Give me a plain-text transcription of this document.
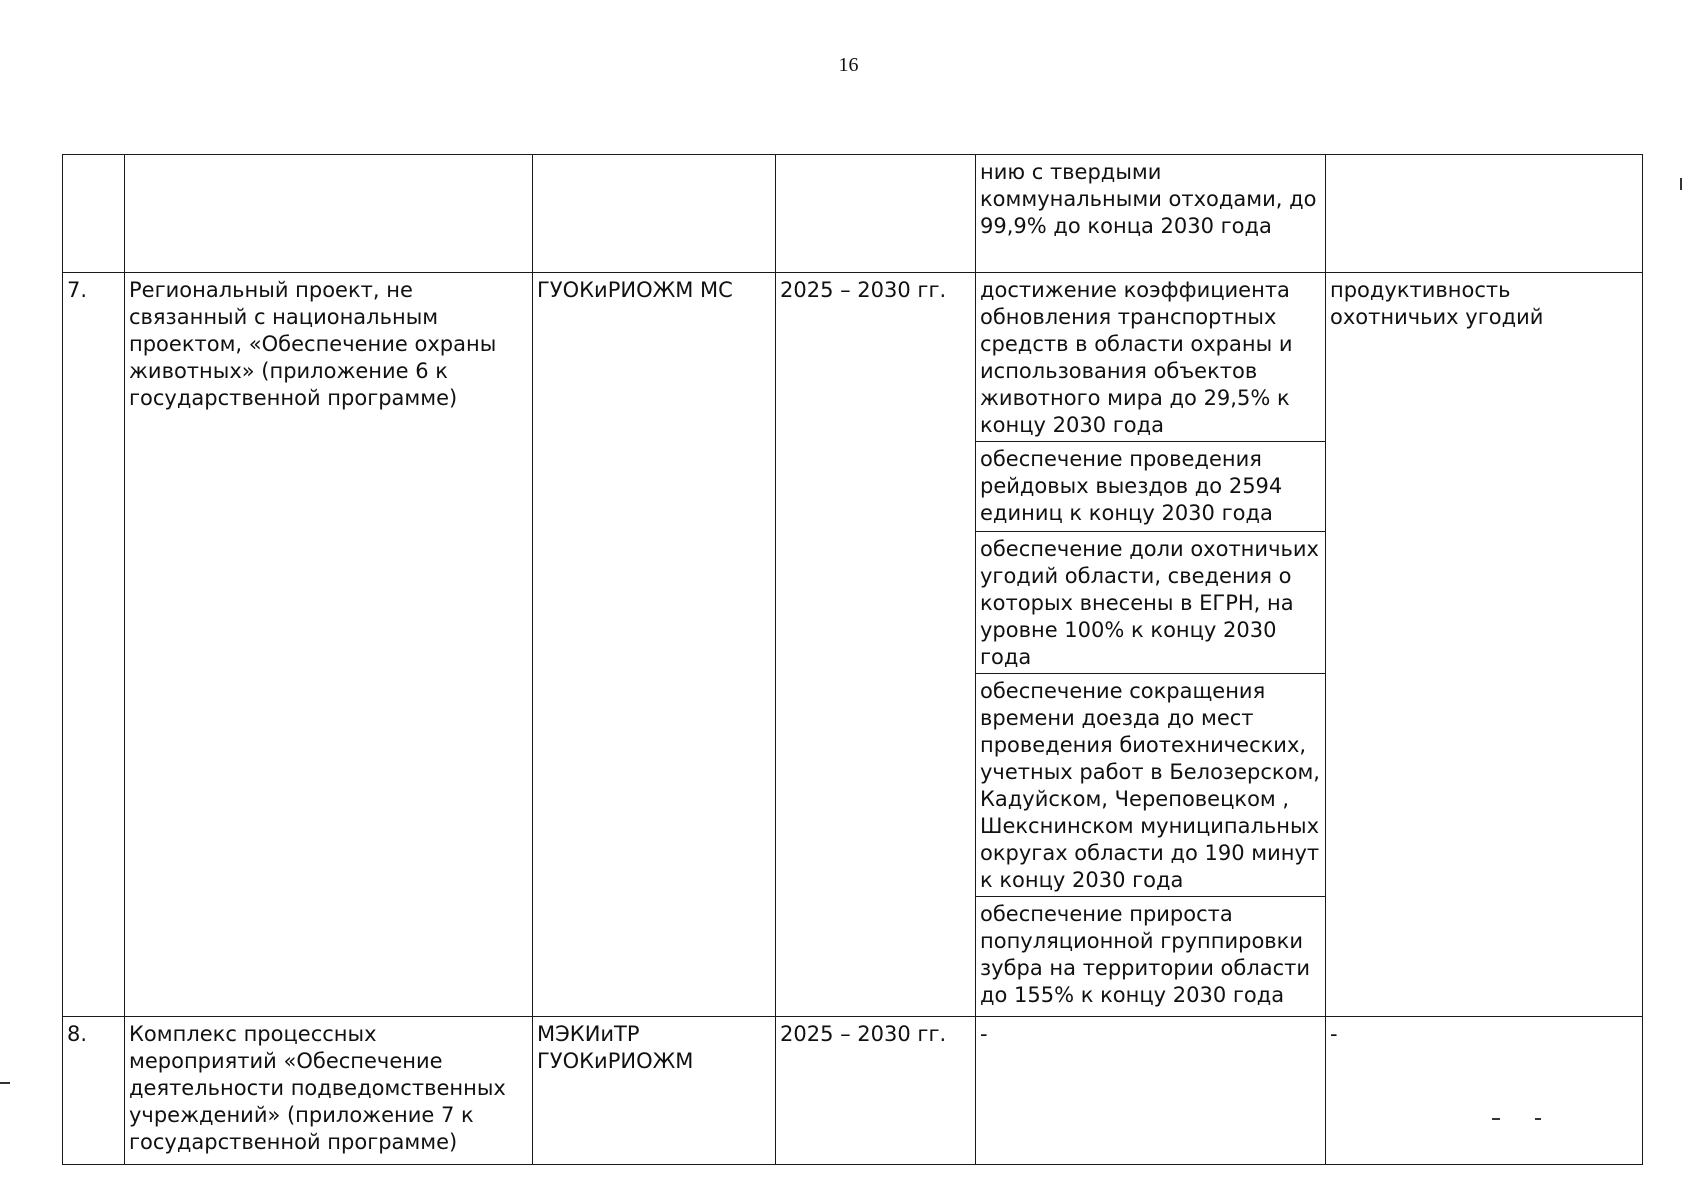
16
				нию с твердыми коммунальными отходами, до 99,9% до конца 2030 года	
7.	Региональный проект, не связанный с национальным проектом, «Обеспечение охраны животных» (приложение 6 к государственной программе)	ГУОКиРИОЖМ МС	2025 – 2030 гг.	достижение коэффициента обновления транспортных средств в области охраны и использования объектов животного мира до 29,5% к концу 2030 года	продуктивность охотничьих угодий
				обеспечение проведения рейдовых выездов до 2594 единиц к концу 2030 года	
				обеспечение доли охотничьих угодий области, сведения о которых внесены в ЕГРН, на уровне 100% к концу 2030 года	
				обеспечение сокращения времени доезда до мест проведения биотехнических, учетных работ в Белозерском, Кадуйском, Череповецком , Шекснинском муниципальных округах области до 190 минут к концу 2030 года	
				обеспечение прироста популяционной группировки зубра на территории области до 155% к концу 2030 года	
8.	Комплекс процессных мероприятий «Обеспечение деятельности подведомственных учреждений» (приложение 7 к государственной программе)	МЭКИиТР ГУОКиРИОЖМ	2025 – 2030 гг.	-	-
